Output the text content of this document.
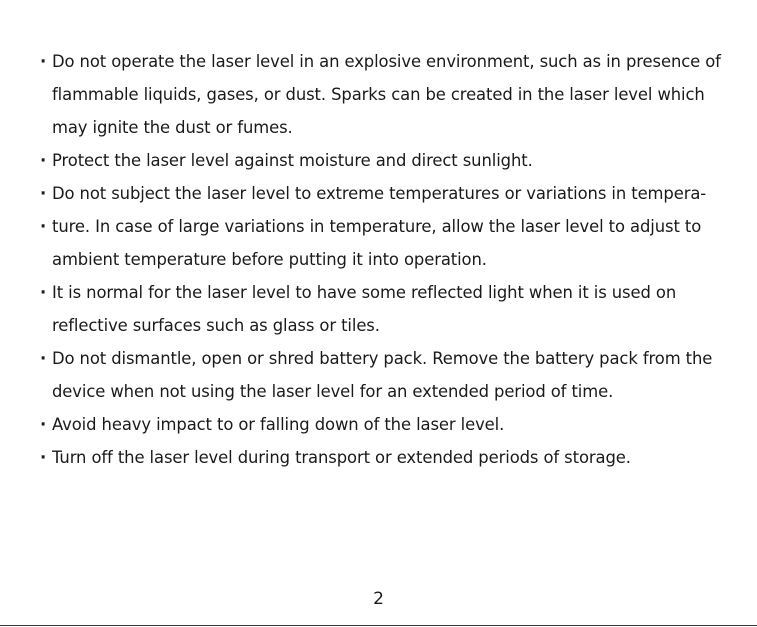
· Do not operate the laser level in an explosive environment, such as in presence of
flammable liquids, gases, or dust. Sparks can be created in the laser level which
may ignite the dust or fumes.
· Protect the laser level against moisture and direct sunlight.
· Do not subject the laser level to extreme temperatures or variations in tempera-
· ture. In case of large variations in temperature, allow the laser level to adjust to
ambient temperature before putting it into operation.
· It is normal for the laser level to have some reflected light when it is used on
reflective surfaces such as glass or tiles.
· Do not dismantle, open or shred battery pack. Remove the battery pack from the
device when not using the laser level for an extended period of time.
· Avoid heavy impact to or falling down of the laser level.
· Turn off the laser level during transport or extended periods of storage.
2
